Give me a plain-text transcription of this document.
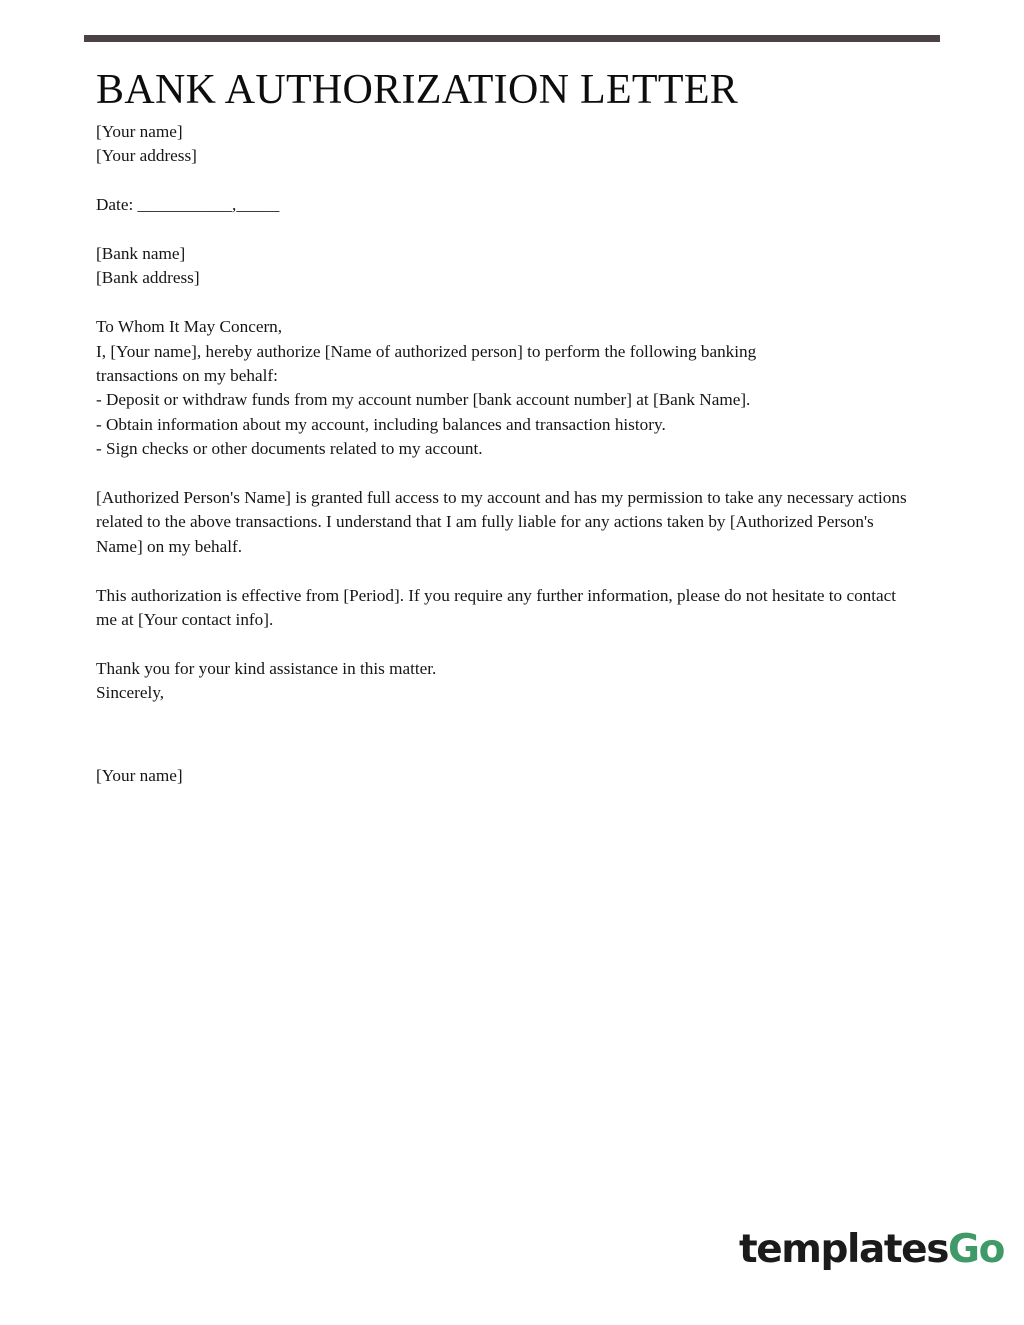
BANK AUTHORIZATION LETTER
[Your name]
[Your address]
Date: ___________,_____
[Bank name]
[Bank address]
To Whom It May Concern,
I, [Your name], hereby authorize [Name of authorized person] to perform the following banking
transactions on my behalf:
- Deposit or withdraw funds from my account number [bank account number] at [Bank Name].
- Obtain information about my account, including balances and transaction history.
- Sign checks or other documents related to my account.

[Authorized Person's Name] is granted full access to my account and has my permission to take any necessary actions related to the above transactions. I understand that I am fully liable for any actions taken by [Authorized Person's Name] on my behalf.

This authorization is effective from [Period]. If you require any further information, please do not hesitate to contact me at [Your contact info].

Thank you for your kind assistance in this matter.
Sincerely,
[Your name]
templatesGo
